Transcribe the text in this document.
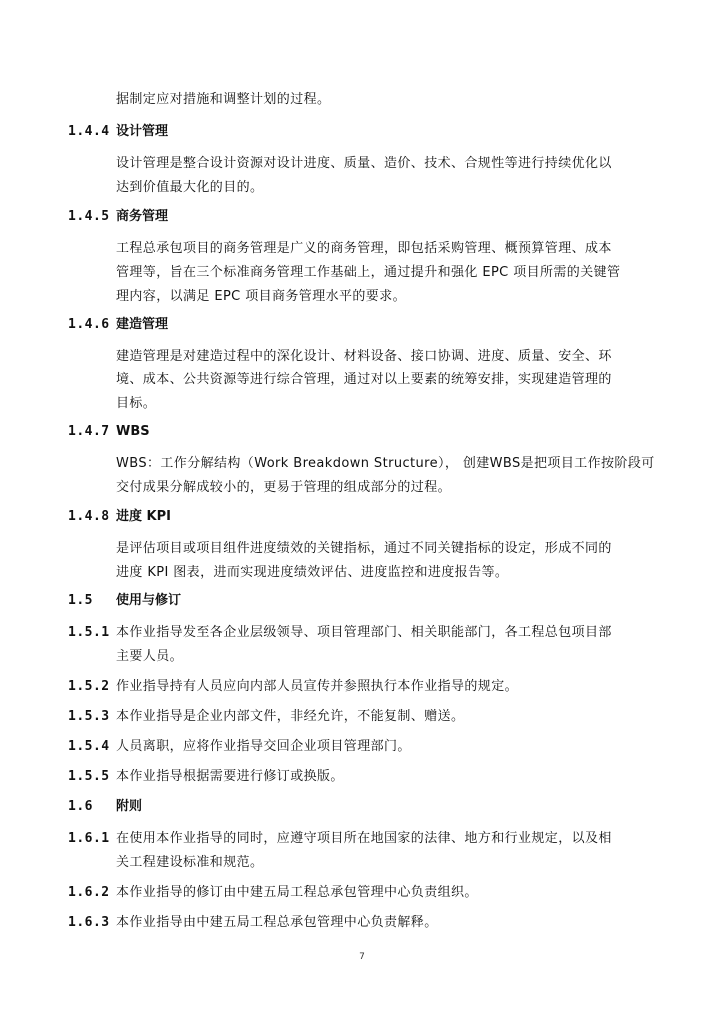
据制定应对措施和调整计划的过程。
1.4.4 设计管理
设计管理是整合设计资源对设计进度、质量、造价、技术、合规性等进行持续优化以
达到价值最大化的目的。
1.4.5 商务管理
工程总承包项目的商务管理是广义的商务管理，即包括采购管理、概预算管理、成本
管理等，旨在三个标准商务管理工作基础上，通过提升和强化 EPC 项目所需的关键管
理内容，以满足 EPC 项目商务管理水平的要求。
1.4.6 建造管理
建造管理是对建造过程中的深化设计、材料设备、接口协调、进度、质量、安全、环
境、成本、公共资源等进行综合管理，通过对以上要素的统筹安排，实现建造管理的
目标。
1.4.7 WBS
WBS：工作分解结构（Work Breakdown Structure）， 创建WBS是把项目工作按阶段可
交付成果分解成较小的，更易于管理的组成部分的过程。
1.4.8 进度 KPI
是评估项目或项目组件进度绩效的关键指标，通过不同关键指标的设定，形成不同的
进度 KPI 图表，进而实现进度绩效评估、进度监控和进度报告等。
1.5 使用与修订
1.5.1 本作业指导发至各企业层级领导、项目管理部门、相关职能部门，各工程总包项目部
主要人员。
1.5.2 作业指导持有人员应向内部人员宣传并参照执行本作业指导的规定。
1.5.3 本作业指导是企业内部文件，非经允许，不能复制、赠送。
1.5.4 人员离职，应将作业指导交回企业项目管理部门。
1.5.5 本作业指导根据需要进行修订或换版。
1.6 附则
1.6.1 在使用本作业指导的同时，应遵守项目所在地国家的法律、地方和行业规定，以及相
关工程建设标准和规范。
1.6.2 本作业指导的修订由中建五局工程总承包管理中心负责组织。
1.6.3 本作业指导由中建五局工程总承包管理中心负责解释。
7
